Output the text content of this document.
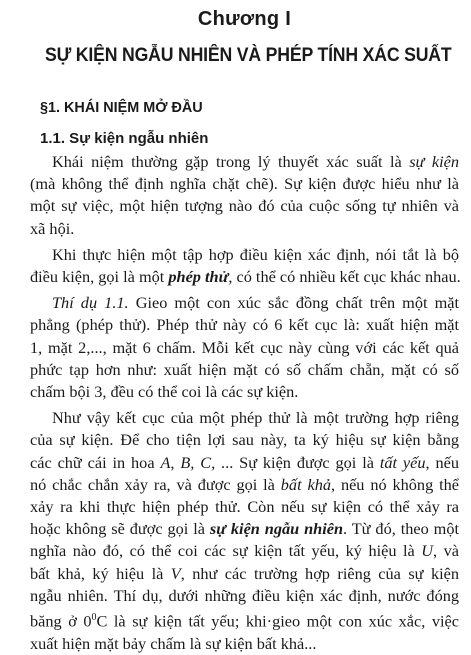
Chương I
SỰ KIỆN NGẪU NHIÊN VÀ PHÉP TÍNH XÁC SUẤT
§1. KHÁI NIỆM MỞ ĐẦU
1.1. Sự kiện ngẫu nhiên
Khái niệm thường gặp trong lý thuyết xác suất là sự kiện
(mà không thể định nghĩa chặt chẽ). Sự kiện được hiểu như là
một sự việc, một hiện tượng nào đó của cuộc sống tự nhiên và
xã hội.
Khi thực hiện một tập hợp điều kiện xác định, nói tắt là bộ
điều kiện, gọi là một phép thử, có thể có nhiều kết cục khác nhau.
Thí dụ 1.1. Gieo một con xúc sắc đồng chất trên một mặt
phẳng (phép thử). Phép thử này có 6 kết cục là: xuất hiện mặt
1, mặt 2,..., mặt 6 chấm. Mỗi kết cục này cùng với các kết quả
phức tạp hơn như: xuất hiện mặt có số chấm chẵn, mặt có số
chấm bội 3, đều có thể coi là các sự kiện.
Như vậy kết cục của một phép thử là một trường hợp riêng
của sự kiện. Để cho tiện lợi sau này, ta ký hiệu sự kiện bằng
các chữ cái in hoa A, B, C, ... Sự kiện được gọi là tất yếu, nếu
nó chắc chắn xảy ra, và được gọi là bất khả, nếu nó không thể
xảy ra khi thực hiện phép thử. Còn nếu sự kiện có thể xảy ra
hoặc không sẽ được gọi là sự kiện ngẫu nhiên. Từ đó, theo một
nghĩa nào đó, có thể coi các sự kiện tất yếu, ký hiệu là U, và
bất khả, ký hiệu là V, như các trường hợp riêng của sự kiện
ngẫu nhiên. Thí dụ, dưới những điều kiện xác định, nước đóng
băng ở $0^0C$ là sự kiện tất yếu; khi·gieo một con xúc xắc, việc
xuất hiện mặt bảy chấm là sự kiện bất khả...
